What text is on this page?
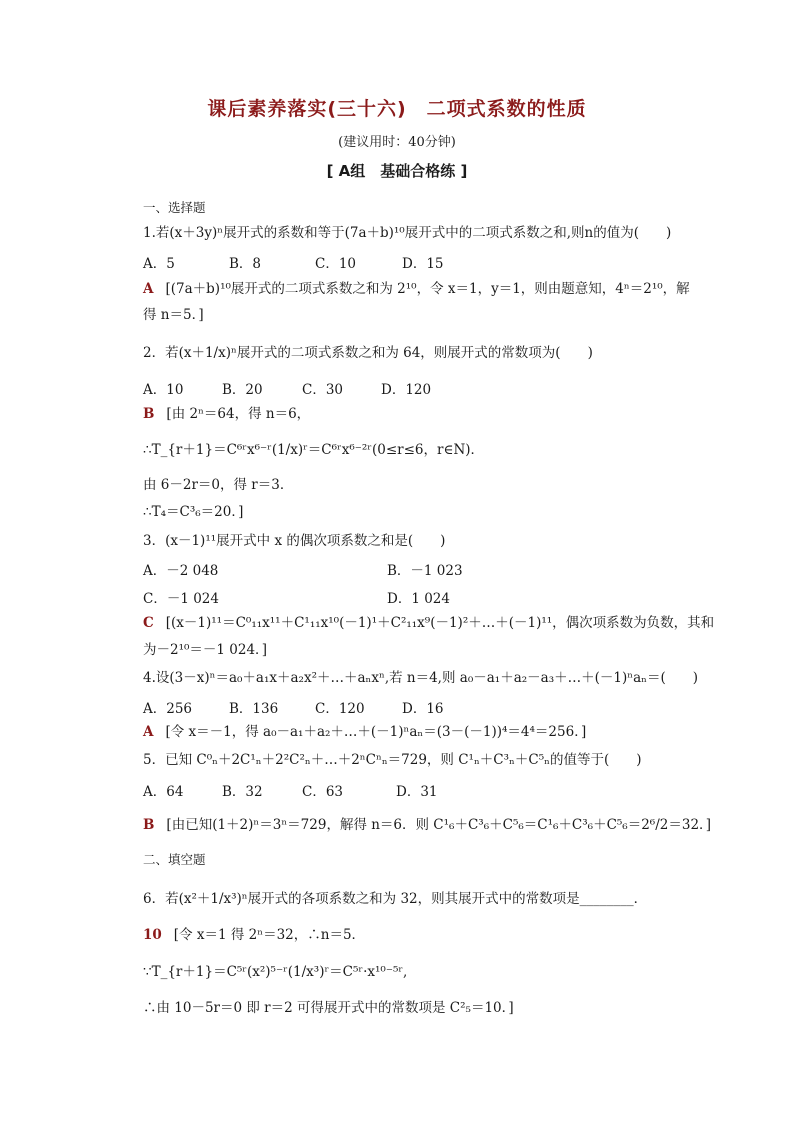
课后素养落实(三十六)　二项式系数的性质
(建议用时：40分钟)
[ A组　基础合格练 ]
一、选择题
1.若(x＋3y)ⁿ展开式的系数和等于(7a＋b)¹⁰展开式中的二项式系数之和,则n的值为(　　)
A．5	B．8	C．10	D．15
A [(7a＋b)¹⁰展开式的二项式系数之和为 2¹⁰，令 x＝1，y＝1，则由题意知，4ⁿ＝2¹⁰，解
得 n＝5．]
2．若(x＋1/x)ⁿ展开式的二项式系数之和为 64，则展开式的常数项为(　　)
A．10	B．20	C．30	D．120
B [由 2ⁿ＝64，得 n＝6，
∴T_{r＋1}＝C⁶ʳx⁶⁻ʳ(1/x)ʳ＝C⁶ʳx⁶⁻²ʳ(0≤r≤6，r∈N)．
由 6－2r＝0，得 r＝3．
∴T₄＝C³₆＝20．]
3．(x－1)¹¹展开式中 x 的偶次项系数之和是(　　)
A．－2 048	B．－1 023
C．－1 024	D．1 024
C [(x－1)¹¹＝C⁰₁₁x¹¹＋C¹₁₁x¹⁰(－1)¹＋C²₁₁x⁹(－1)²＋…＋(－1)¹¹，偶次项系数为负数，其和
为－2¹⁰＝－1 024．]
4.设(3－x)ⁿ＝a₀＋a₁x＋a₂x²＋…＋aₙxⁿ,若 n＝4,则 a₀－a₁＋a₂－a₃＋…＋(－1)ⁿaₙ＝(　　)
A．256	B．136	C．120	D．16
A [令 x＝－1，得 a₀－a₁＋a₂＋…＋(－1)ⁿaₙ＝(3－(－1))⁴＝4⁴＝256．]
5．已知 C⁰ₙ＋2C¹ₙ＋2²C²ₙ＋…＋2ⁿCⁿₙ＝729，则 C¹ₙ＋C³ₙ＋C⁵ₙ的值等于(　　)
A．64	B．32	C．63	D．31
B [由已知(1＋2)ⁿ＝3ⁿ＝729，解得 n＝6．则 C¹₆＋C³₆＋C⁵₆＝C¹₆＋C³₆＋C⁵₆＝2⁶/2＝32．]
二、填空题
6．若(x²＋1/x³)ⁿ展开式的各项系数之和为 32，则其展开式中的常数项是________．
10 [令 x＝1 得 2ⁿ＝32，∴n＝5．
∵T_{r＋1}＝C⁵ʳ(x²)⁵⁻ʳ(1/x³)ʳ＝C⁵ʳ·x¹⁰⁻⁵ʳ,
∴由 10－5r＝0 即 r＝2 可得展开式中的常数项是 C²₅＝10．]
